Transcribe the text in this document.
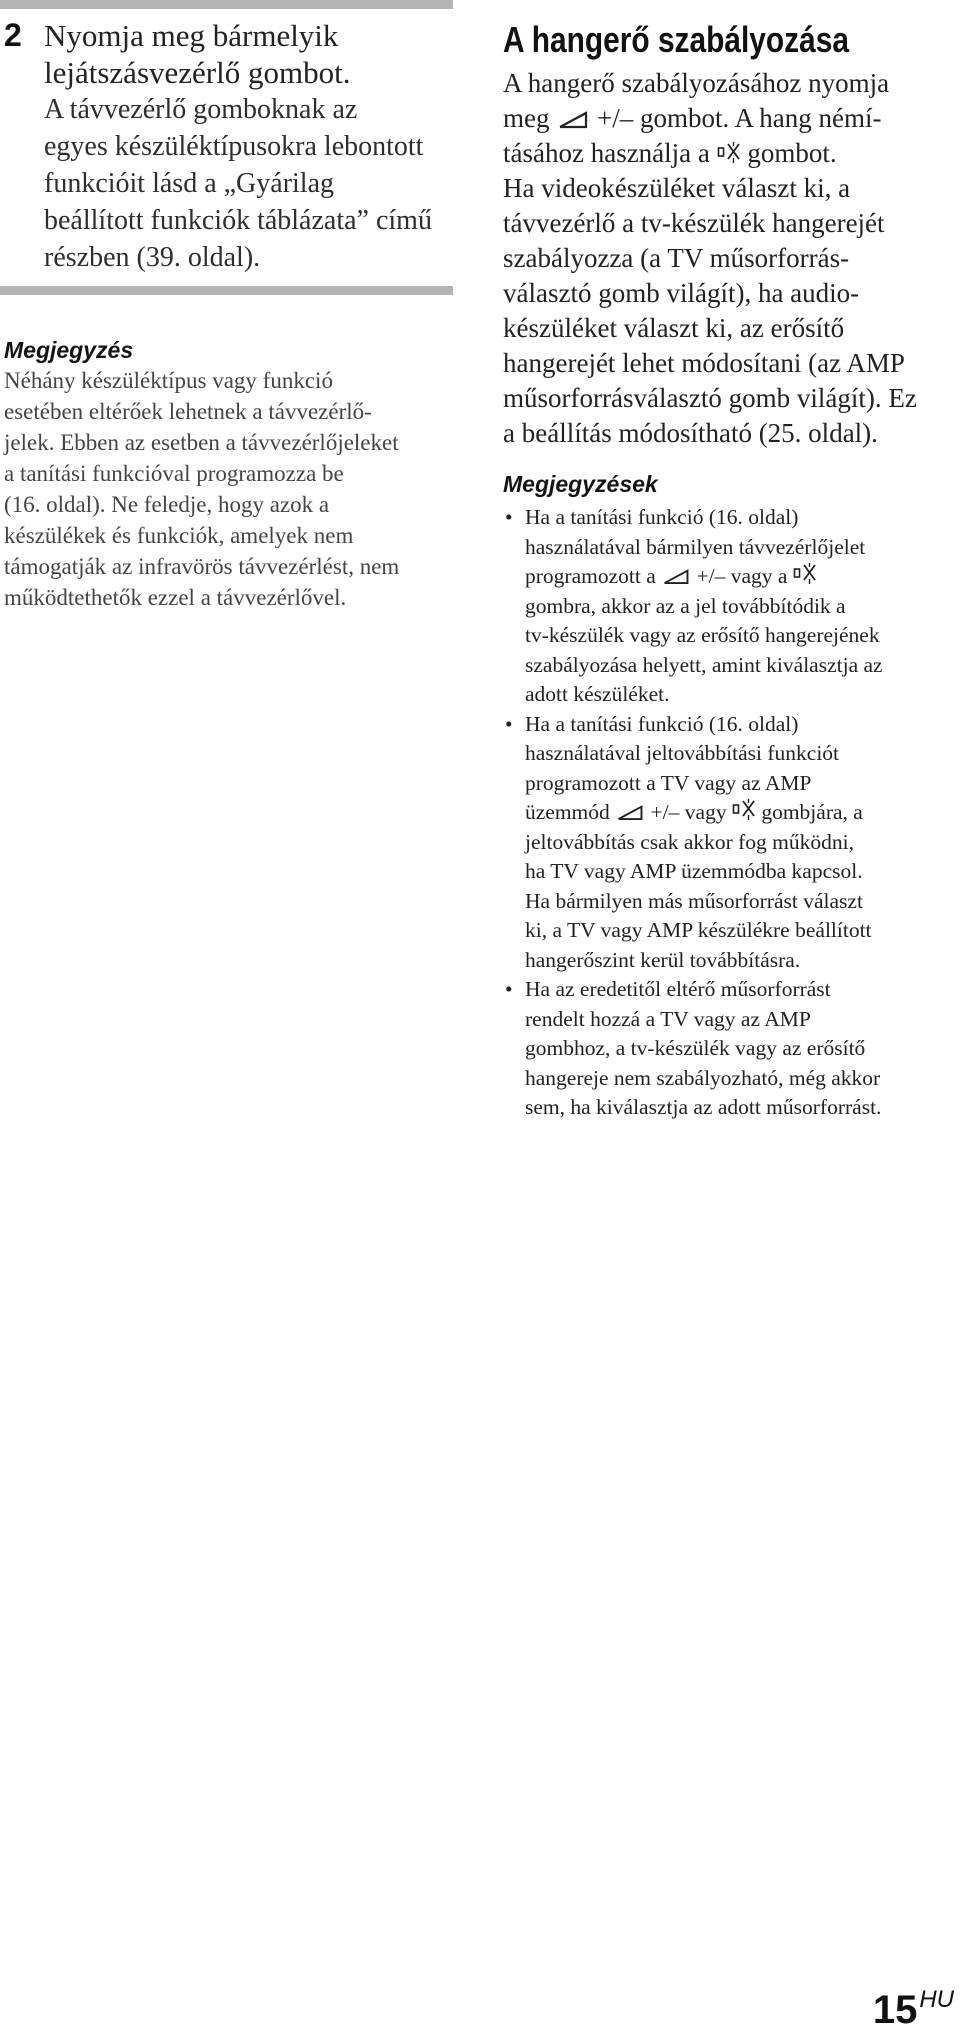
2 Nyomja meg bármelyik
lejátszásvezérlő gombot.
A távvezérlő gomboknak az
egyes készüléktípusokra lebontott
funkcióit lásd a „Gyárilag
beállított funkciók táblázata” című
részben (39. oldal).
Megjegyzés
Néhány készüléktípus vagy funkció
esetében eltérőek lehetnek a távvezérlő-
jelek. Ebben az esetben a távvezérlőjeleket
a tanítási funkcióval programozza be
(16. oldal). Ne feledje, hogy azok a
készülékek és funkciók, amelyek nem
támogatják az infravörös távvezérlést, nem
működtethetők ezzel a távvezérlővel.
A hangerő szabályozása
A hangerő szabályozásához nyomja
meg +/– gombot. A hang némí-
tásához használja a gombot.
Ha videokészüléket választ ki, a
távvezérlő a tv-készülék hangerejét
szabályozza (a TV műsorforrás-
választó gomb világít), ha audio-
készüléket választ ki, az erősítő
hangerejét lehet módosítani (az AMP
műsorforrásválasztó gomb világít). Ez
a beállítás módosítható (25. oldal).
Megjegyzések
• Ha a tanítási funkció (16. oldal)
használatával bármilyen távvezérlőjelet
programozott a +/– vagy a
gombra, akkor az a jel továbbítódik a
tv-készülék vagy az erősítő hangerejének
szabályozása helyett, amint kiválasztja az
adott készüléket.
• Ha a tanítási funkció (16. oldal)
használatával jeltovábbítási funkciót
programozott a TV vagy az AMP
üzemmód +/– vagy gombjára, a
jeltovábbítás csak akkor fog működni,
ha TV vagy AMP üzemmódba kapcsol.
Ha bármilyen más műsorforrást választ
ki, a TV vagy AMP készülékre beállított
hangerőszint kerül továbbításra.
• Ha az eredetitől eltérő műsorforrást
rendelt hozzá a TV vagy az AMP
gombhoz, a tv-készülék vagy az erősítő
hangereje nem szabályozható, még akkor
sem, ha kiválasztja az adott műsorforrást.
$15^{HU}$
